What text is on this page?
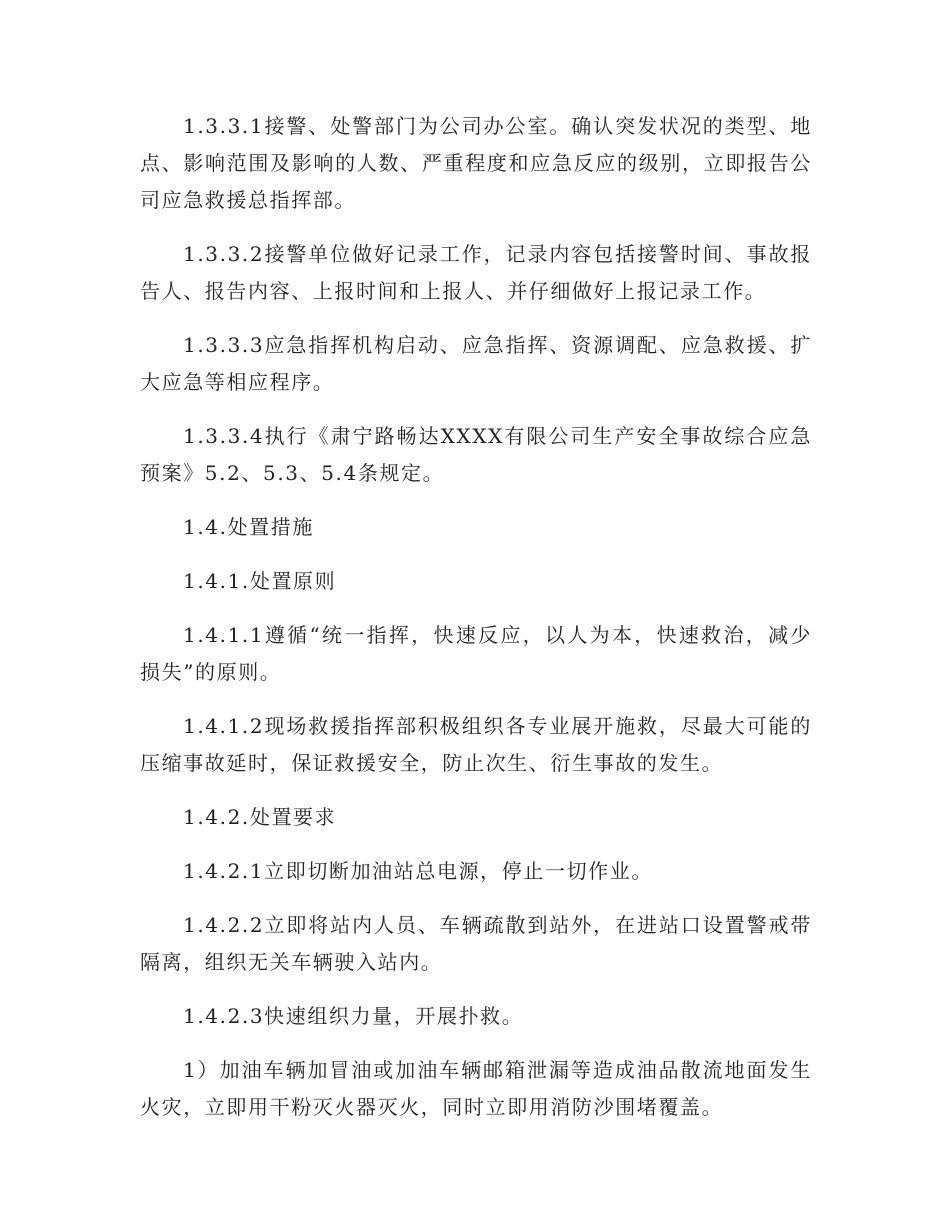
1.3.3.1接警、处警部门为公司办公室。确认突发状况的类型、地点、影响范围及影响的人数、严重程度和应急反应的级别，立即报告公司应急救援总指挥部。

1.3.3.2接警单位做好记录工作，记录内容包括接警时间、事故报告人、报告内容、上报时间和上报人、并仔细做好上报记录工作。

1.3.3.3应急指挥机构启动、应急指挥、资源调配、应急救援、扩大应急等相应程序。

1.3.3.4执行《肃宁路畅达XXXX有限公司生产安全事故综合应急预案》5.2、5.3、5.4条规定。

1.4.处置措施

1.4.1.处置原则

1.4.1.1遵循“统一指挥，快速反应，以人为本，快速救治，减少损失”的原则。

1.4.1.2现场救援指挥部积极组织各专业展开施救，尽最大可能的压缩事故延时，保证救援安全，防止次生、衍生事故的发生。

1.4.2.处置要求

1.4.2.1立即切断加油站总电源，停止一切作业。

1.4.2.2立即将站内人员、车辆疏散到站外，在进站口设置警戒带隔离，组织无关车辆驶入站内。

1.4.2.3快速组织力量，开展扑救。

1）加油车辆加冒油或加油车辆邮箱泄漏等造成油品散流地面发生火灾，立即用干粉灭火器灭火，同时立即用消防沙围堵覆盖。
